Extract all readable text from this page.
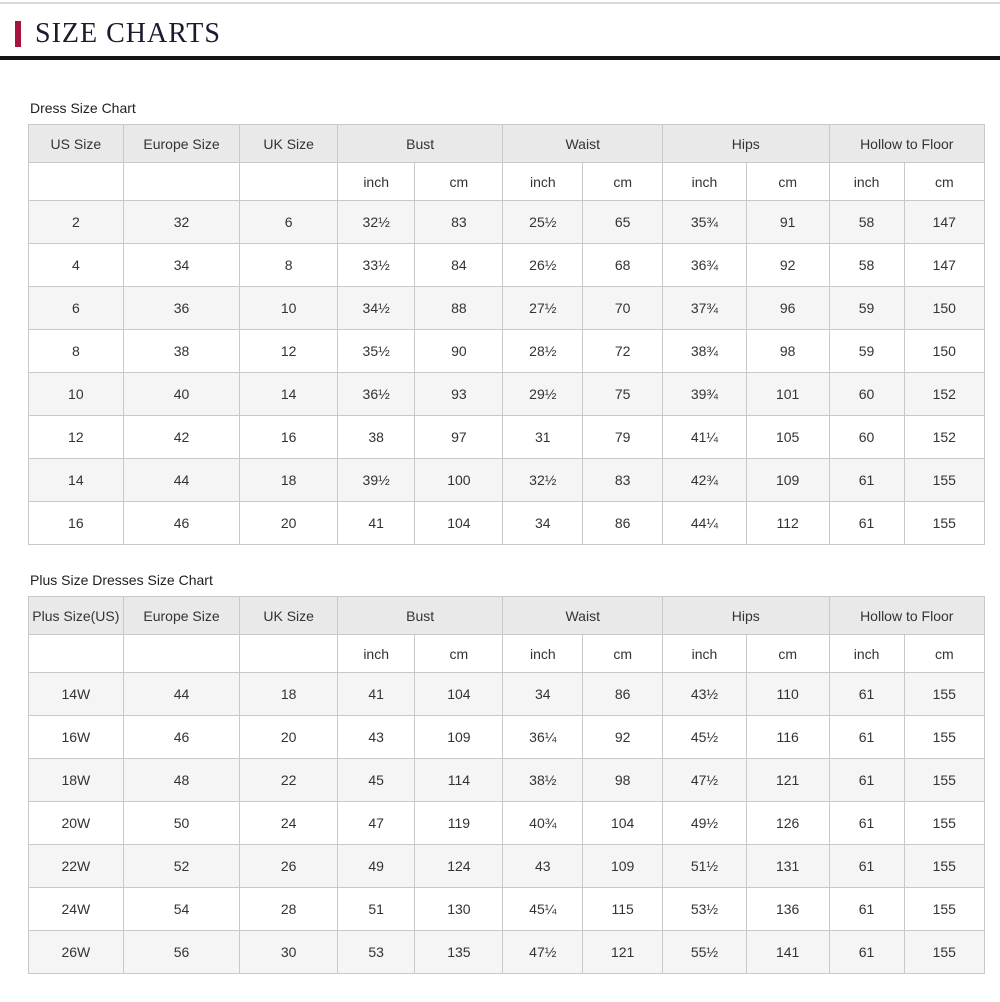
SIZE CHARTS

Dress Size Chart

US Size	Europe Size	UK Size	Bust		Waist		Hips		Hollow to Floor	
			inch	cm	inch	cm	inch	cm	inch	cm
2	32	6	32½	83	25½	65	35¾	91	58	147
4	34	8	33½	84	26½	68	36¾	92	58	147
6	36	10	34½	88	27½	70	37¾	96	59	150
8	38	12	35½	90	28½	72	38¾	98	59	150
10	40	14	36½	93	29½	75	39¾	101	60	152
12	42	16	38	97	31	79	41¼	105	60	152
14	44	18	39½	100	32½	83	42¾	109	61	155
16	46	20	41	104	34	86	44¼	112	61	155

Plus Size Dresses Size Chart

Plus Size(US)	Europe Size	UK Size	Bust		Waist		Hips		Hollow to Floor	
			inch	cm	inch	cm	inch	cm	inch	cm
14W	44	18	41	104	34	86	43½	110	61	155
16W	46	20	43	109	36¼	92	45½	116	61	155
18W	48	22	45	114	38½	98	47½	121	61	155
20W	50	24	47	119	40¾	104	49½	126	61	155
22W	52	26	49	124	43	109	51½	131	61	155
24W	54	28	51	130	45¼	115	53½	136	61	155
26W	56	30	53	135	47½	121	55½	141	61	155
